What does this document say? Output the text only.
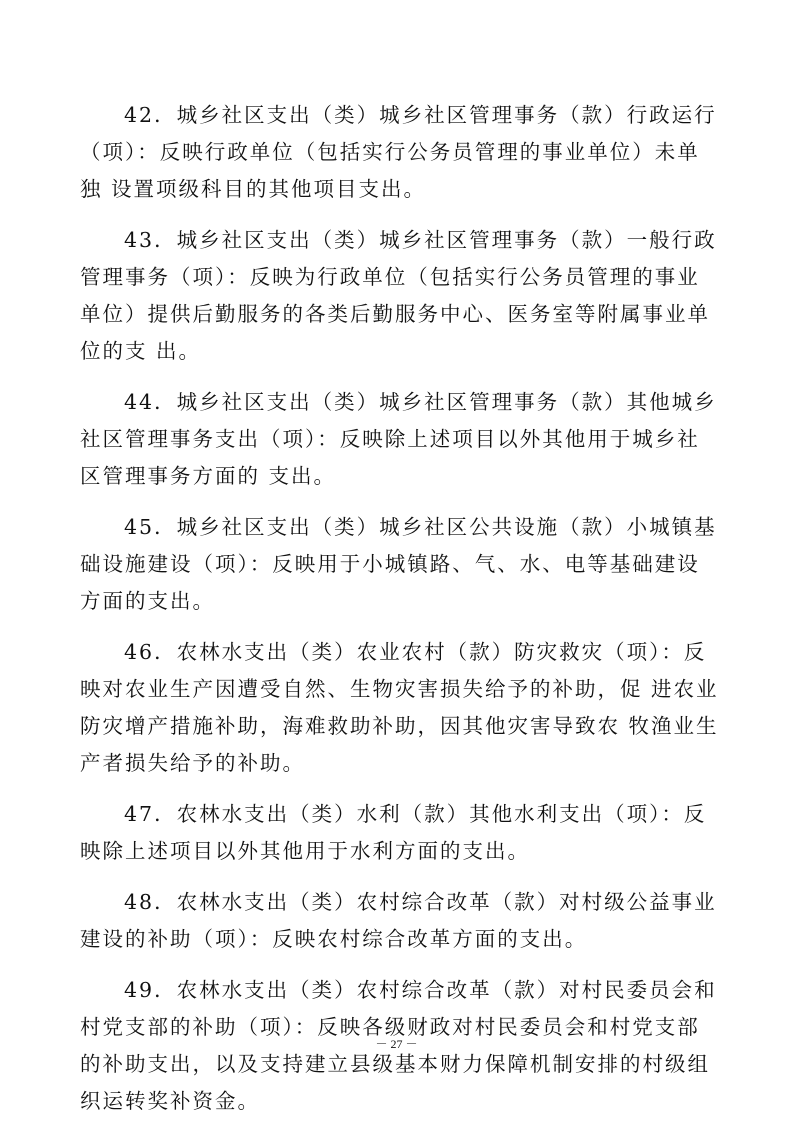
42．城乡社区支出（类）城乡社区管理事务（款）行政运行（项）：反映行政单位（包括实行公务员管理的事业单位）未单独 设置项级科目的其他项目支出。

43．城乡社区支出（类）城乡社区管理事务（款）一般行政管理事务（项）：反映为行政单位（包括实行公务员管理的事业单位）提供后勤服务的各类后勤服务中心、医务室等附属事业单位的支 出。

44．城乡社区支出（类）城乡社区管理事务（款）其他城乡社区管理事务支出（项）：反映除上述项目以外其他用于城乡社区管理事务方面的 支出。

45．城乡社区支出（类）城乡社区公共设施（款）小城镇基础设施建设（项）：反映用于小城镇路、气、水、电等基础建设方面的支出。

46．农林水支出（类）农业农村（款）防灾救灾（项）：反映对农业生产因遭受自然、生物灾害损失给予的补助，促 进农业防灾增产措施补助，海难救助补助，因其他灾害导致农 牧渔业生产者损失给予的补助。

47．农林水支出（类）水利（款）其他水利支出（项）：反映除上述项目以外其他用于水利方面的支出。

48．农林水支出（类）农村综合改革（款）对村级公益事业建设的补助（项）：反映农村综合改革方面的支出。

49．农林水支出（类）农村综合改革（款）对村民委员会和村党支部的补助（项）：反映各级财政对村民委员会和村党支部的补助支出，以及支持建立县级基本财力保障机制安排的村级组织运转奖补资金。

－ 27 －
